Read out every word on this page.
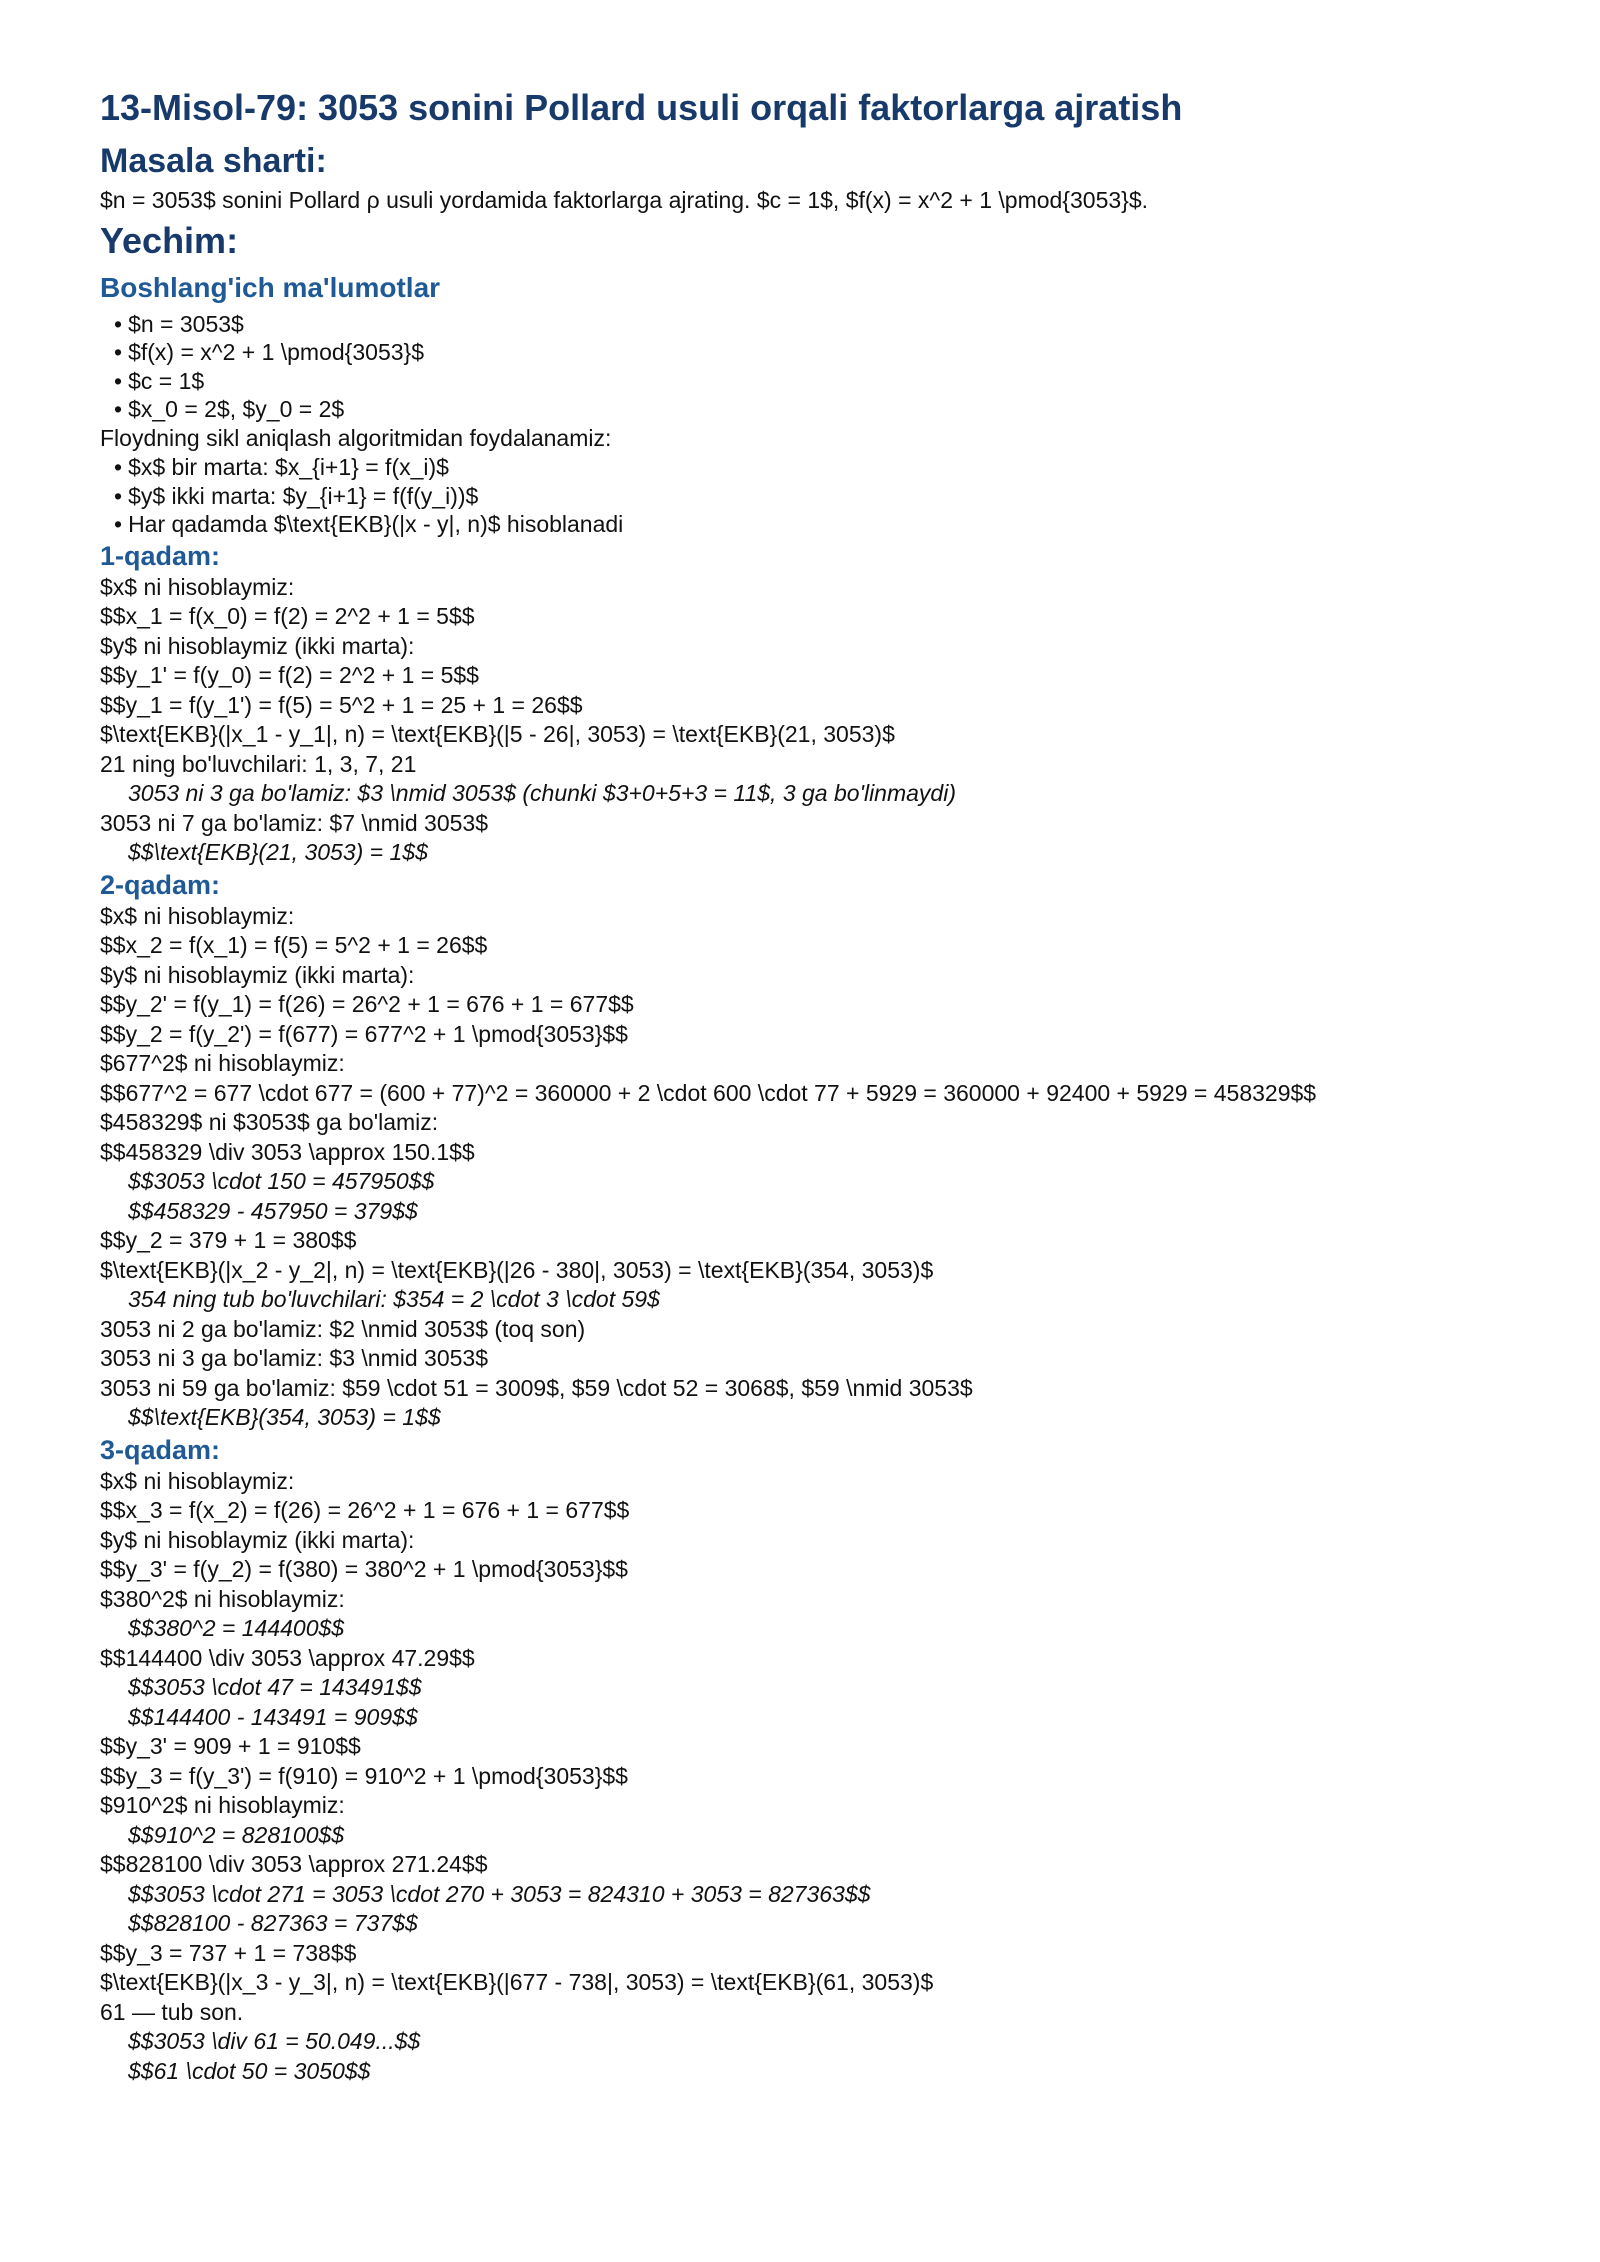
13-Misol-79: 3053 sonini Pollard usuli orqali faktorlarga ajratish
Masala sharti:
$n = 3053$ sonini Pollard ρ usuli yordamida faktorlarga ajrating. $c = 1$, $f(x) = x^2 + 1 \pmod{3053}$.
Yechim:
Boshlang'ich ma'lumotlar
• $n = 3053$
• $f(x) = x^2 + 1 \pmod{3053}$
• $c = 1$
• $x_0 = 2$, $y_0 = 2$
Floydning sikl aniqlash algoritmidan foydalanamiz:
• $x$ bir marta: $x_{i+1} = f(x_i)$
• $y$ ikki marta: $y_{i+1} = f(f(y_i))$
• Har qadamda $\text{EKB}(|x - y|, n)$ hisoblanadi
1-qadam:
$x$ ni hisoblaymiz:
$$x_1 = f(x_0) = f(2) = 2^2 + 1 = 5$$
$y$ ni hisoblaymiz (ikki marta):
$$y_1' = f(y_0) = f(2) = 2^2 + 1 = 5$$
$$y_1 = f(y_1') = f(5) = 5^2 + 1 = 25 + 1 = 26$$
$\text{EKB}(|x_1 - y_1|, n) = \text{EKB}(|5 - 26|, 3053) = \text{EKB}(21, 3053)$
21 ning bo'luvchilari: 1, 3, 7, 21
3053 ni 3 ga bo'lamiz: $3 \nmid 3053$ (chunki $3+0+5+3 = 11$, 3 ga bo'linmaydi)
3053 ni 7 ga bo'lamiz: $7 \nmid 3053$
$$\text{EKB}(21, 3053) = 1$$
2-qadam:
$x$ ni hisoblaymiz:
$$x_2 = f(x_1) = f(5) = 5^2 + 1 = 26$$
$y$ ni hisoblaymiz (ikki marta):
$$y_2' = f(y_1) = f(26) = 26^2 + 1 = 676 + 1 = 677$$
$$y_2 = f(y_2') = f(677) = 677^2 + 1 \pmod{3053}$$
$677^2$ ni hisoblaymiz:
$$677^2 = 677 \cdot 677 = (600 + 77)^2 = 360000 + 2 \cdot 600 \cdot 77 + 5929 = 360000 + 92400 + 5929 = 458329$$
$458329$ ni $3053$ ga bo'lamiz:
$$458329 \div 3053 \approx 150.1$$
$$3053 \cdot 150 = 457950$$
$$458329 - 457950 = 379$$
$$y_2 = 379 + 1 = 380$$
$\text{EKB}(|x_2 - y_2|, n) = \text{EKB}(|26 - 380|, 3053) = \text{EKB}(354, 3053)$
354 ning tub bo'luvchilari: $354 = 2 \cdot 3 \cdot 59$
3053 ni 2 ga bo'lamiz: $2 \nmid 3053$ (toq son)
3053 ni 3 ga bo'lamiz: $3 \nmid 3053$
3053 ni 59 ga bo'lamiz: $59 \cdot 51 = 3009$, $59 \cdot 52 = 3068$, $59 \nmid 3053$
$$\text{EKB}(354, 3053) = 1$$
3-qadam:
$x$ ni hisoblaymiz:
$$x_3 = f(x_2) = f(26) = 26^2 + 1 = 676 + 1 = 677$$
$y$ ni hisoblaymiz (ikki marta):
$$y_3' = f(y_2) = f(380) = 380^2 + 1 \pmod{3053}$$
$380^2$ ni hisoblaymiz:
$$380^2 = 144400$$
$$144400 \div 3053 \approx 47.29$$
$$3053 \cdot 47 = 143491$$
$$144400 - 143491 = 909$$
$$y_3' = 909 + 1 = 910$$
$$y_3 = f(y_3') = f(910) = 910^2 + 1 \pmod{3053}$$
$910^2$ ni hisoblaymiz:
$$910^2 = 828100$$
$$828100 \div 3053 \approx 271.24$$
$$3053 \cdot 271 = 3053 \cdot 270 + 3053 = 824310 + 3053 = 827363$$
$$828100 - 827363 = 737$$
$$y_3 = 737 + 1 = 738$$
$\text{EKB}(|x_3 - y_3|, n) = \text{EKB}(|677 - 738|, 3053) = \text{EKB}(61, 3053)$
61 — tub son.
$$3053 \div 61 = 50.049...$$
$$61 \cdot 50 = 3050$$
